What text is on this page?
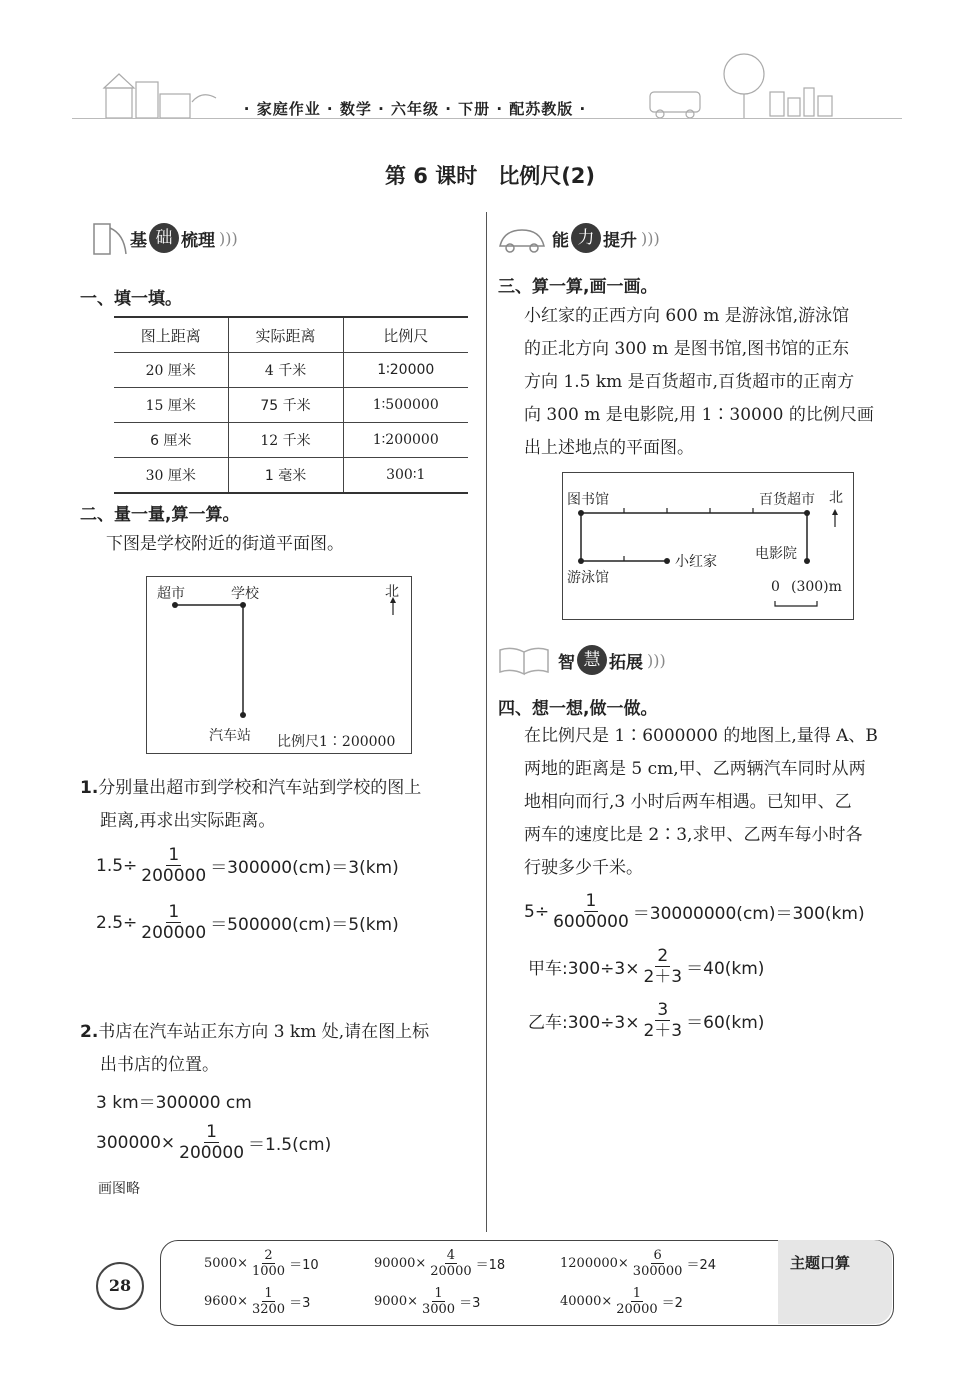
· 家庭作业 · 数学 · 六年级 · 下册 · 配苏教版 ·
第 6 课时　比例尺(2)
基 础 梳理 )))
一、填一填。
图上距离	实际距离	比例尺
20 厘米	4 千米	1∶20000
15 厘米	75 千米	1∶500000
6 厘米	12 千米	1∶200000
30 厘米	1 毫米	300∶1
二、量一量,算一算。
下图是学校附近的街道平面图。
超市	学校	北
汽车站 比例尺1∶200000
1.分别量出超市到学校和汽车站到学校的图上
距离,再求出实际距离。
$1.5\div \frac{1}{200000} =300000(cm)=3(km)$
$2.5\div \frac{1}{200000} =500000(cm)=5(km)$
2.书店在汽车站正东方向 3 km 处,请在图上标
出书店的位置。
3 km＝300000 cm
$300000\times \frac{1}{200000} =1.5(cm)$
画图略
能 力 提升 )))
三、算一算,画一画。
小红家的正西方向 600 m 是游泳馆,游泳馆
的正北方向 300 m 是图书馆,图书馆的正东
方向 1.5 km 是百货超市,百货超市的正南方
向 300 m 是电影院,用 1∶30000 的比例尺画
出上述地点的平面图。
图书馆	百货超市 北
电影院
小红家
游泳馆
0 (300)m
智 慧 拓展 )))
四、想一想,做一做。
在比例尺是 1∶6000000 的地图上,量得 A、B
两地的距离是 5 cm,甲、乙两辆汽车同时从两
地相向而行,3 小时后两车相遇。已知甲、乙
两车的速度比是 2∶3,求甲、乙两车每小时各
行驶多少千米。
$5\div \frac{1}{6000000} =30000000(cm)=300(km)$
甲车:300÷3× $\frac{2}{2+3} =40(km)$
乙车:300÷3× $\frac{3}{2+3} =60(km)$
28
主题口算
$5000\times \frac{2}{1000} =10$	$90000\times \frac{4}{20000} =18$	$1200000\times \frac{6}{300000} =24$
$9600\times \frac{1}{3200} =3$	$9000\times \frac{1}{3000} =3$	$40000\times \frac{1}{20000} =2$
